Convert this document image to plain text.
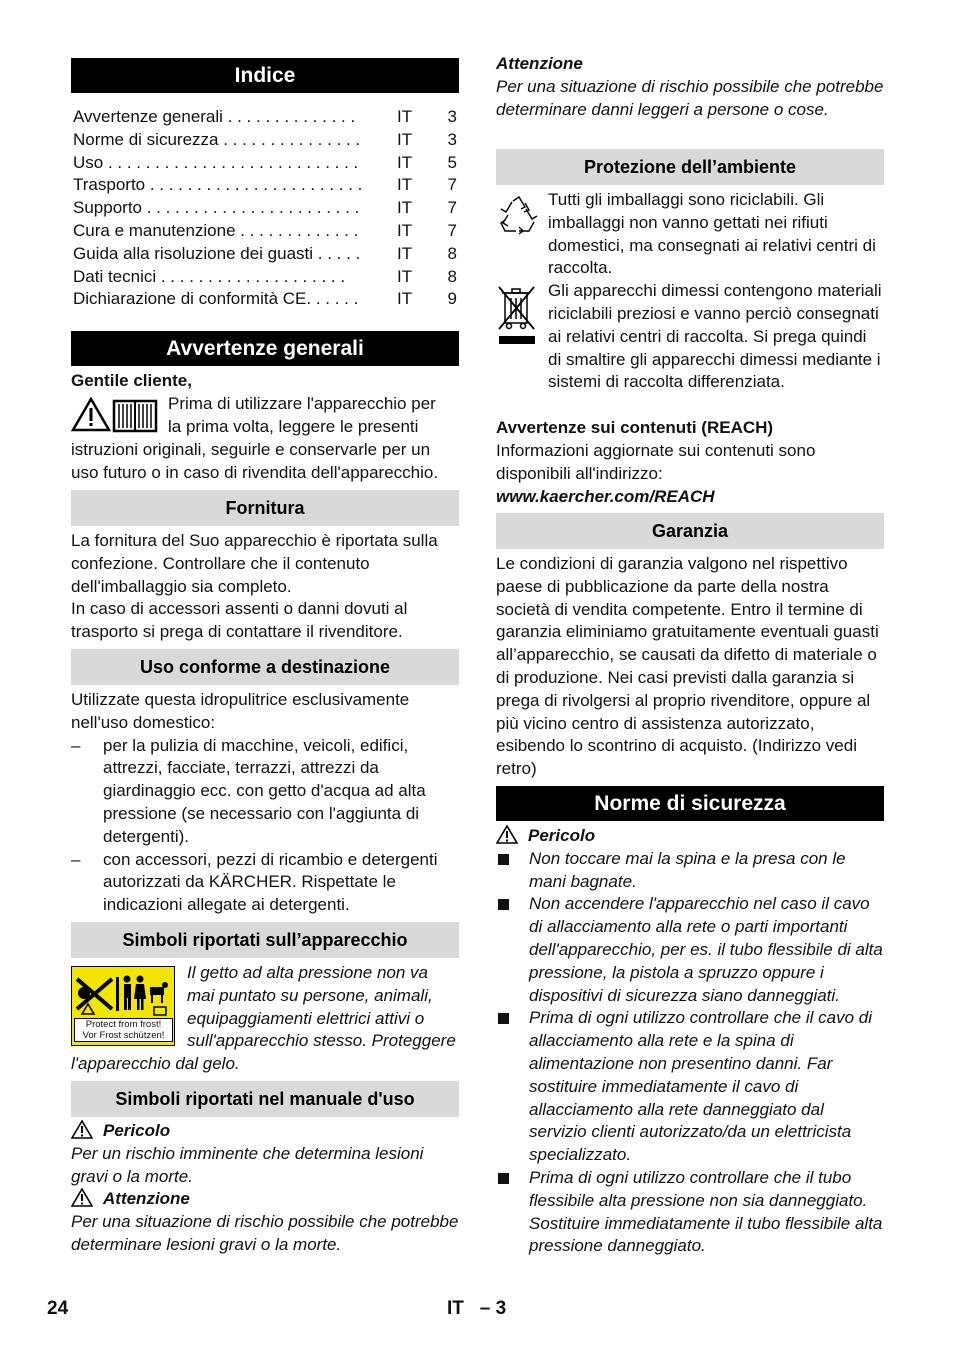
Indice
Avvertenze generali . . . . . . . . . . . . . .	IT	3
Norme di sicurezza . . . . . . . . . . . . . . .	IT	3
Uso . . . . . . . . . . . . . . . . . . . . . . . . . . .	IT	5
Trasporto . . . . . . . . . . . . . . . . . . . . . . .	IT	7
Supporto . . . . . . . . . . . . . . . . . . . . . . .	IT	7
Cura e manutenzione . . . . . . . . . . . . .	IT	7
Guida alla risoluzione dei guasti . . . . .	IT	8
Dati tecnici . . . . . . . . . . . . . . . . . . . .	IT	8
Dichiarazione di conformità CE. . . . . .	IT	9
Avvertenze generali

Gentile cliente,

Prima di utilizzare l'apparecchio per

la prima volta, leggere le presenti

istruzioni originali, seguirle e conservarle per un

uso futuro o in caso di rivendita dell'apparecchio.

Fornitura

La fornitura del Suo apparecchio è riportata sulla confezione. Controllare che il contenuto dell'imballaggio sia completo.

In caso di accessori assenti o danni dovuti al trasporto si prega di contattare il rivenditore.

Uso conforme a destinazione

Utilizzate questa idropulitrice esclusivamente nell'uso domestico:

– per la pulizia di macchine, veicoli, edifici, attrezzi, facciate, terrazzi, attrezzi da giardinaggio ecc. con getto d'acqua ad alta pressione (se necessario con l'aggiunta di detergenti).
– con accessori, pezzi di ricambio e detergenti autorizzati da KÄRCHER. Rispettate le indicazioni allegate ai detergenti.
Simboli riportati sull’apparecchio
Protect from frost!
Vor Frost schützen!

Il getto ad alta pressione non va mai puntato su persone, animali, equipaggiamenti elettrici attivi o sull'apparecchio stesso. Proteggere l'apparecchio dal gelo.

Simboli riportati nel manuale d'uso
Pericolo

Per un rischio imminente che determina lesioni gravi o la morte.

Attenzione

Per una situazione di rischio possibile che potrebbe determinare lesioni gravi o la morte.

Attenzione

Per una situazione di rischio possibile che potrebbe determinare danni leggeri a persone o cose.

Protezione dell’ambiente

Tutti gli imballaggi sono riciclabili. Gli imballaggi non vanno gettati nei rifiuti domestici, ma consegnati ai relativi centri di raccolta.

Gli apparecchi dimessi contengono materiali riciclabili preziosi e vanno perciò consegnati ai relativi centri di raccolta. Si prega quindi di smaltire gli apparecchi dimessi mediante i sistemi di raccolta differenziata.

Avvertenze sui contenuti (REACH)

Informazioni aggiornate sui contenuti sono disponibili all'indirizzo:

www.kaercher.com/REACH

Garanzia

Le condizioni di garanzia valgono nel rispettivo paese di pubblicazione da parte della nostra società di vendita competente. Entro il termine di garanzia eliminiamo gratuitamente eventuali guasti all’apparecchio, se causati da difetto di materiale o di produzione. Nei casi previsti dalla garanzia si prega di rivolgersi al proprio rivenditore, oppure al più vicino centro di assistenza autorizzato, esibendo lo scontrino di acquisto. (Indirizzo vedi retro)

Norme di sicurezza
Pericolo
Non toccare mai la spina e la presa con le mani bagnate.
Non accendere l'apparecchio nel caso il cavo di allacciamento alla rete o parti importanti dell'apparecchio, per es. il tubo flessibile di alta pressione, la pistola a spruzzo oppure i dispositivi di sicurezza siano danneggiati.
Prima di ogni utilizzo controllare che il cavo di allacciamento alla rete e la spina di alimentazione non presentino danni. Far sostituire immediatamente il cavo di allacciamento alla rete danneggiato dal servizio clienti autorizzato/da un elettricista specializzato.
Prima di ogni utilizzo controllare che il tubo flessibile alta pressione non sia danneggiato. Sostituire immediatamente il tubo flessibile alta pressione danneggiato.
24	IT   – 3
